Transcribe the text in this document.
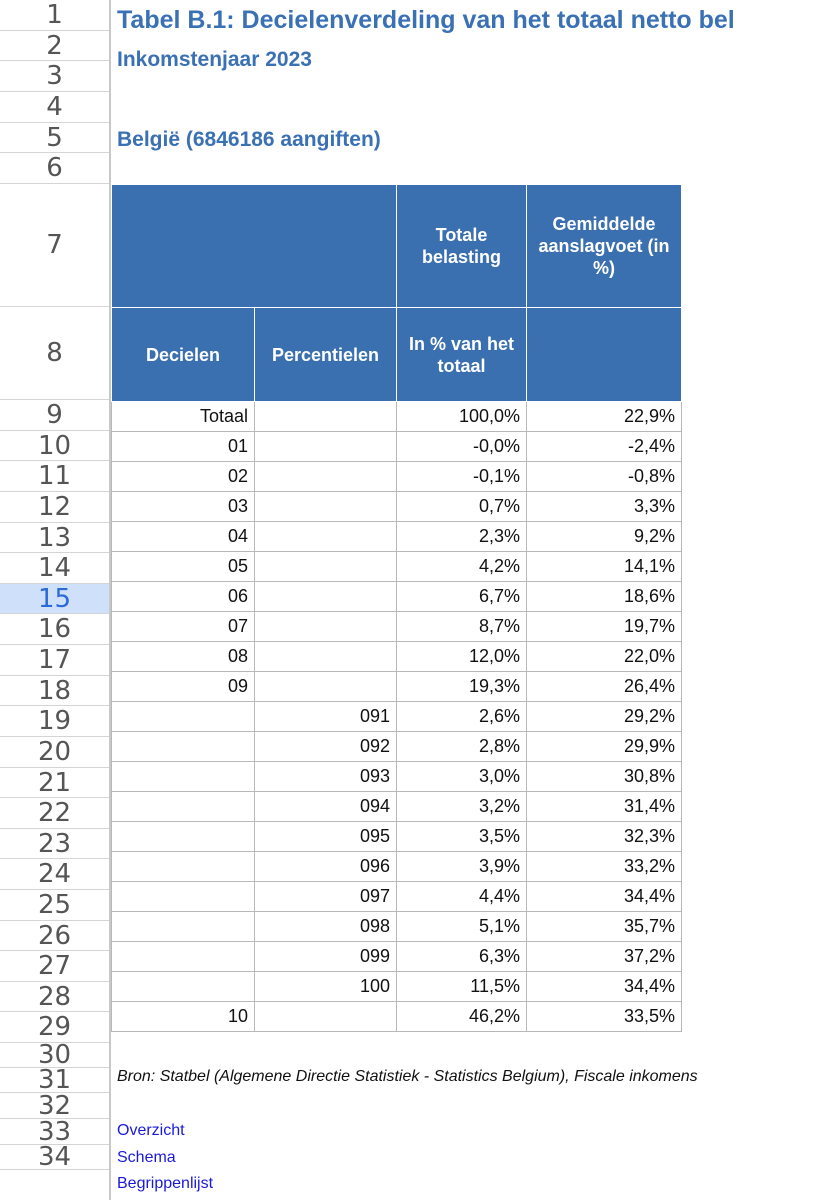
1
2
3
4
5
6
7
8
9
10
11
12
13
14
15
16
17
18
19
20
21
22
23
24
25
26
27
28
29
30
31
32
33
34
Tabel B.1: Decielenverdeling van het totaal netto bel
Inkomstenjaar 2023
België (6846186 aangiften)
		Totale belasting	Gemiddelde aanslagvoet (in %)
Decielen	Percentielen	In % van het totaal	
Totaal		100,0%	22,9%
01		-0,0%	-2,4%
02		-0,1%	-0,8%
03		0,7%	3,3%
04		2,3%	9,2%
05		4,2%	14,1%
06		6,7%	18,6%
07		8,7%	19,7%
08		12,0%	22,0%
09		19,3%	26,4%
	091	2,6%	29,2%
	092	2,8%	29,9%
	093	3,0%	30,8%
	094	3,2%	31,4%
	095	3,5%	32,3%
	096	3,9%	33,2%
	097	4,4%	34,4%
	098	5,1%	35,7%
	099	6,3%	37,2%
	100	11,5%	34,4%
10		46,2%	33,5%
Bron: Statbel (Algemene Directie Statistiek - Statistics Belgium), Fiscale inkomens
Overzicht
Schema
Begrippenlijst
